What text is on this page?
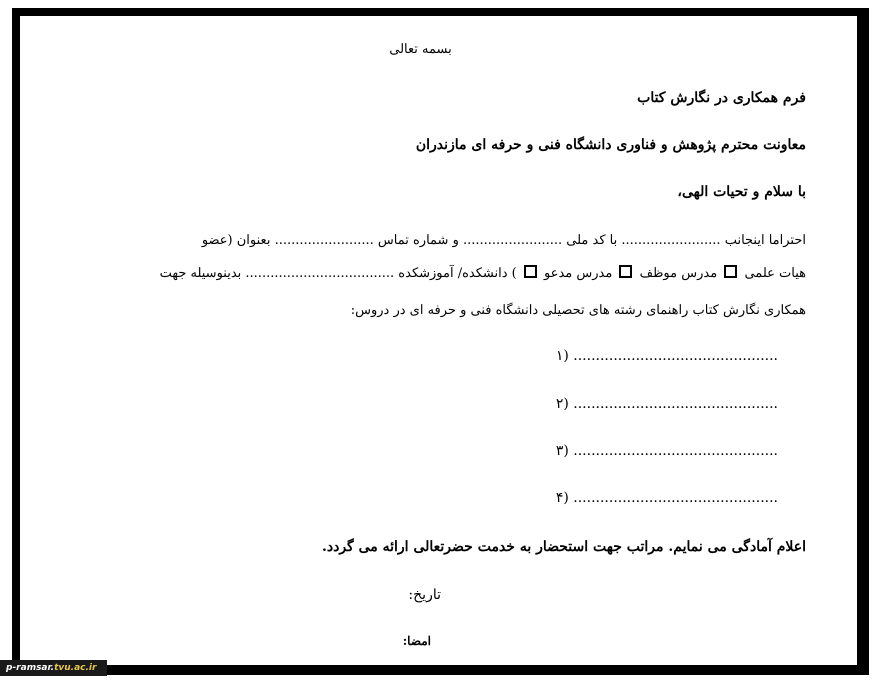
بسمه تعالی
فرم همکاری در نگارش کتاب
معاونت محترم پژوهش و فناوری دانشگاه فنی و حرفه ای مازندران
با سلام و تحیات الهی،
احتراما اینجانب ........................ با کد ملی ........................ و شماره تماس ........................ بعنوان (عضو
هیات علمی  مدرس موظف  مدرس مدعو  ) دانشکده/ آموزشکده .................................... بدینوسیله جهت
همکاری نگارش کتاب راهنمای رشته های تحصیلی دانشگاه فنی و حرفه ای در دروس:
۱) ..............................................
۲) ..............................................
۳) ..............................................
۴) ..............................................
اعلام آمادگی می نمایم. مراتب جهت استحضار به خدمت حضرتعالی ارائه می گردد.
تاریخ:
امضا:
p-ramsar.tvu.ac.ir
